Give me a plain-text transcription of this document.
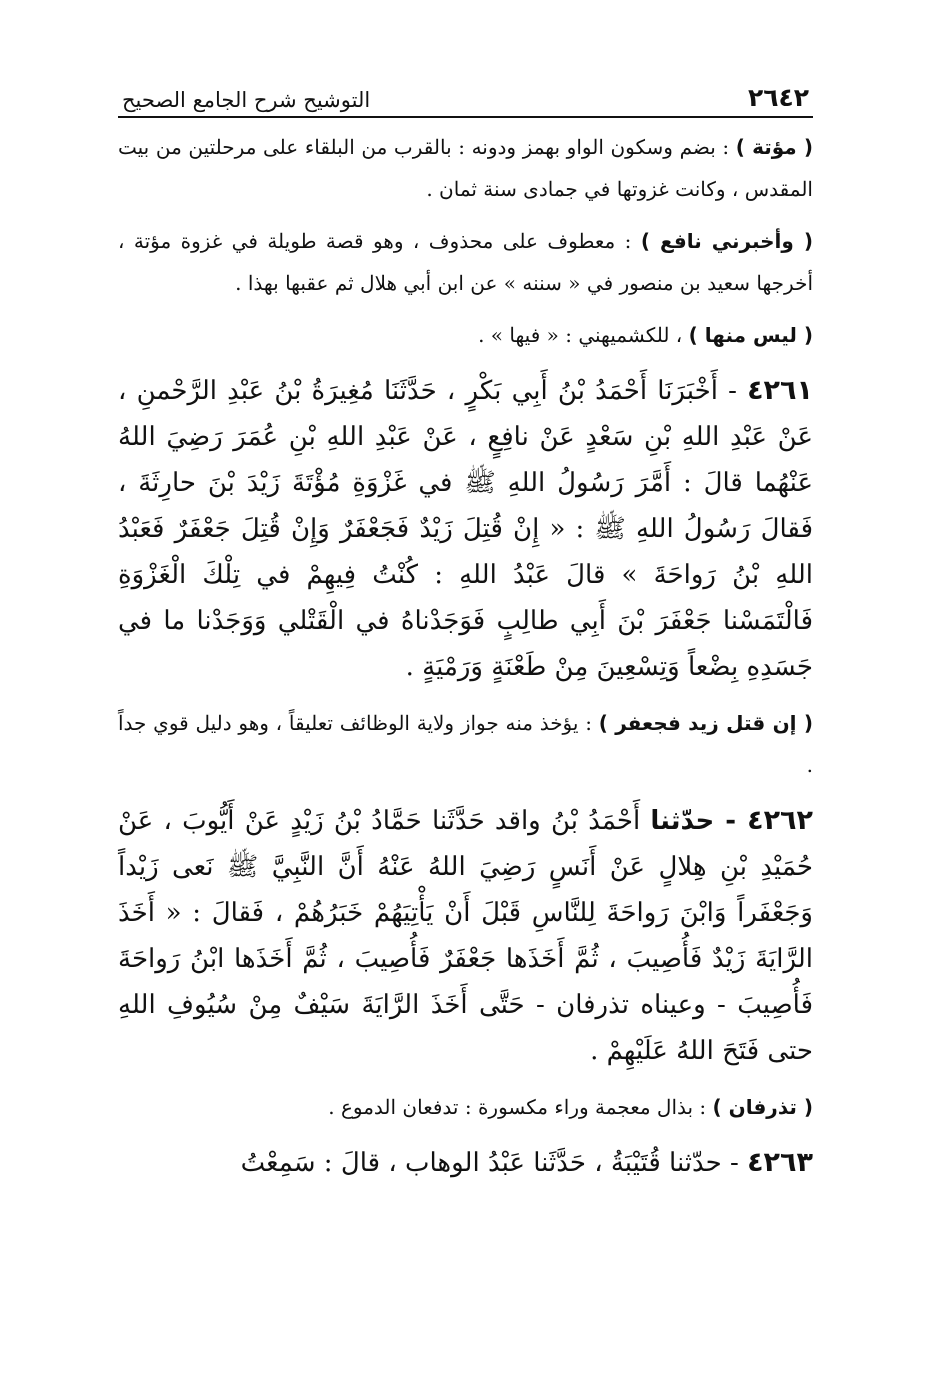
٢٦٤٢
التوشيح شرح الجامع الصحيح

( مؤتة ) : بضم وسكون الواو بهمز ودونه : بالقرب من البلقاء على مرحلتين من بيت المقدس ، وكانت غزوتها في جمادى سنة ثمان .

( وأخبرني نافع ) : معطوف على محذوف ، وهو قصة طويلة في غزوة مؤتة ، أخرجها سعيد بن منصور في « سننه » عن ابن أبي هلال ثم عقبها بهذا .

( ليس منها ) ، للكشميهني : « فيها » .

٤٢٦١ - أَخْبَرَنَا أَحْمَدُ بْنُ أَبِي بَكْرٍ ، حَدَّثَنَا مُغِيرَةُ بْنُ عَبْدِ الرَّحْمنِ ، عَنْ عَبْدِ اللهِ بْنِ سَعْدٍ عَنْ نافِعٍ ، عَنْ عَبْدِ اللهِ بْنِ عُمَرَ رَضِيَ اللهُ عَنْهُما قالَ : أَمَّرَ رَسُولُ اللهِ ﷺ في غَزْوَةِ مُؤْتَةَ زَيْدَ بْنَ حارِثَةَ ، فَقالَ رَسُولُ اللهِ ﷺ : « إِنْ قُتِلَ زَيْدٌ فَجَعْفَرٌ وَإِنْ قُتِلَ جَعْفَرٌ فَعَبْدُ اللهِ بْنُ رَواحَةَ » قالَ عَبْدُ اللهِ : كُنْتُ فِيهِمْ في تِلْكَ الْغَزْوَةِ فَالْتَمَسْنا جَعْفَرَ بْنَ أَبِي طالِبٍ فَوَجَدْناهُ في الْقَتْلي وَوَجَدْنا ما في جَسَدِهِ بِضْعاً وَتِسْعِينَ مِنْ طَعْنَةٍ وَرَمْيَةٍ .

( إن قتل زيد فجعفر ) : يؤخذ منه جواز ولاية الوظائف تعليقاً ، وهو دليل قوي جداً .

٤٢٦٢ - حدّثنا أَحْمَدُ بْنُ واقد حَدَّثَنا حَمَّادُ بْنُ زَيْدٍ عَنْ أَيُّوبَ ، عَنْ حُمَيْدِ بْنِ هِلالٍ عَنْ أَنَسٍ رَضِيَ اللهُ عَنْهُ أَنَّ النَّبِيَّ ﷺ نَعى زَيْداً وَجَعْفَراً وَابْنَ رَواحَةَ لِلنَّاسِ قَبْلَ أَنْ يَأْتِيَهُمْ خَبَرُهُمْ ، فَقالَ : « أَخَذَ الرَّايَةَ زَيْدٌ فَأُصِيبَ ، ثُمَّ أَخَذَها جَعْفَرٌ فَأُصِيبَ ، ثُمَّ أَخَذَها ابْنُ رَواحَةَ فَأُصِيبَ - وعيناه تذرفان - حَتَّى أَخَذَ الرَّايَةَ سَيْفٌ مِنْ سُيُوفِ اللهِ حتى فَتَحَ اللهُ عَلَيْهِمْ .

( تذرفان ) : بذال معجمة وراء مكسورة : تدفعان الدموع .

٤٢٦٣ - حدّثنا قُتَيْبَةُ ، حَدَّثَنا عَبْدُ الوهاب ، قالَ : سَمِعْتُ
